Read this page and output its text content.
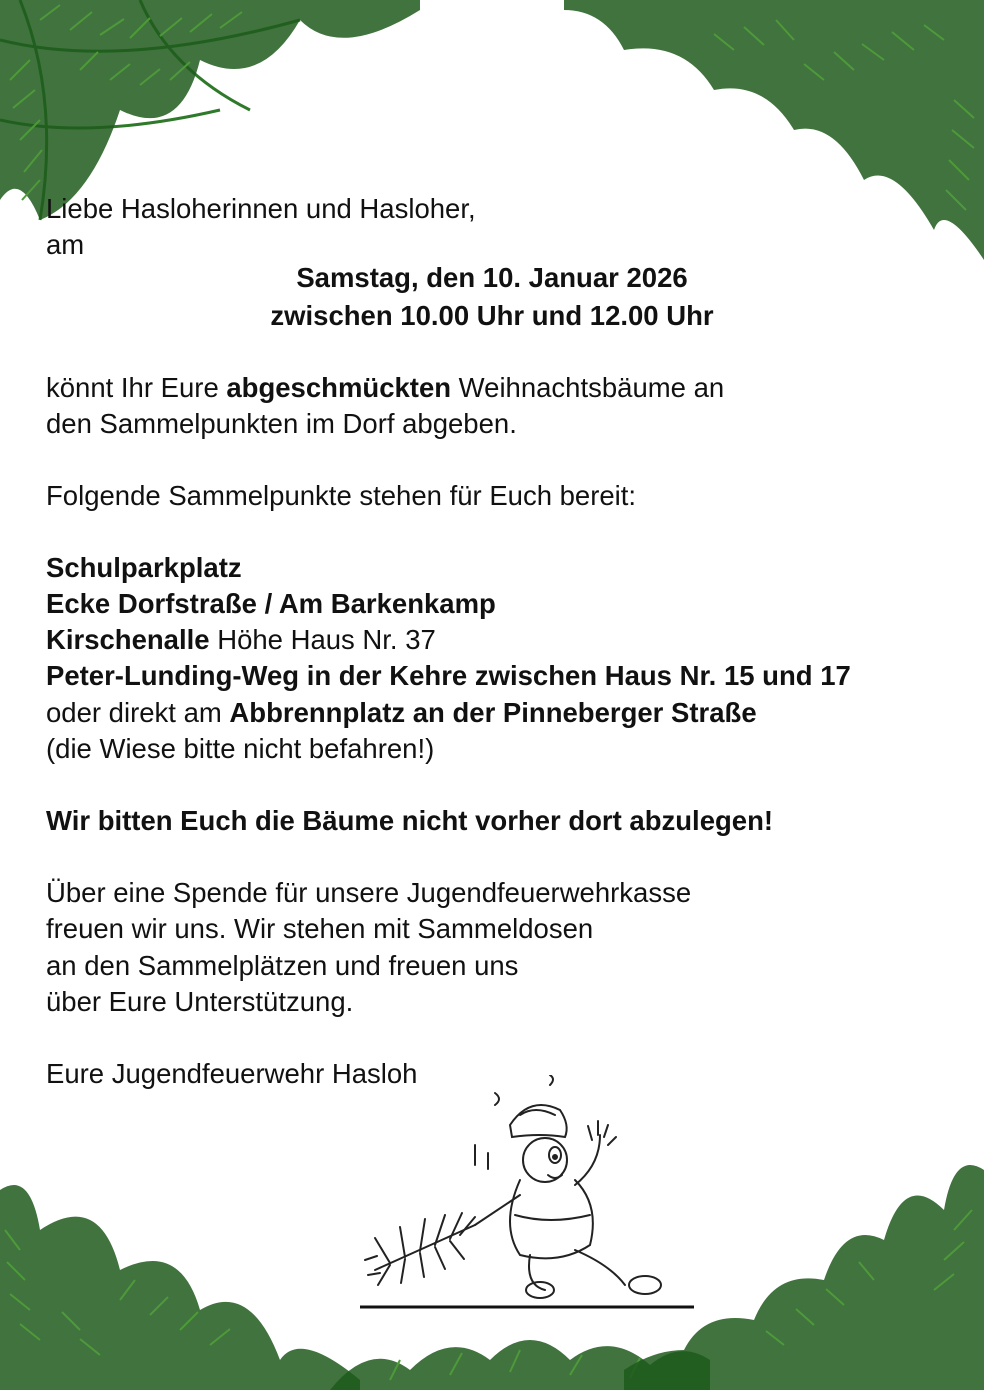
Liebe Hasloherinnen und Hasloher,
am
Samstag, den 10. Januar 2026
zwischen 10.00 Uhr und 12.00 Uhr
könnt Ihr Eure abgeschmückten Weihnachtsbäume an
den Sammelpunkten im Dorf abgeben.
Folgende Sammelpunkte stehen für Euch bereit:
Schulparkplatz
Ecke Dorfstraße / Am Barkenkamp
Kirschenalle Höhe Haus Nr. 37
Peter-Lunding-Weg in der Kehre zwischen Haus Nr. 15 und 17
oder direkt am Abbrennplatz an der Pinneberger Straße
(die Wiese bitte nicht befahren!)
Wir bitten Euch die Bäume nicht vorher dort abzulegen!
Über eine Spende für unsere Jugendfeuerwehrkasse
freuen wir uns. Wir stehen mit Sammeldosen
an den Sammelplätzen und freuen uns
über Eure Unterstützung.
Eure Jugendfeuerwehr Hasloh
